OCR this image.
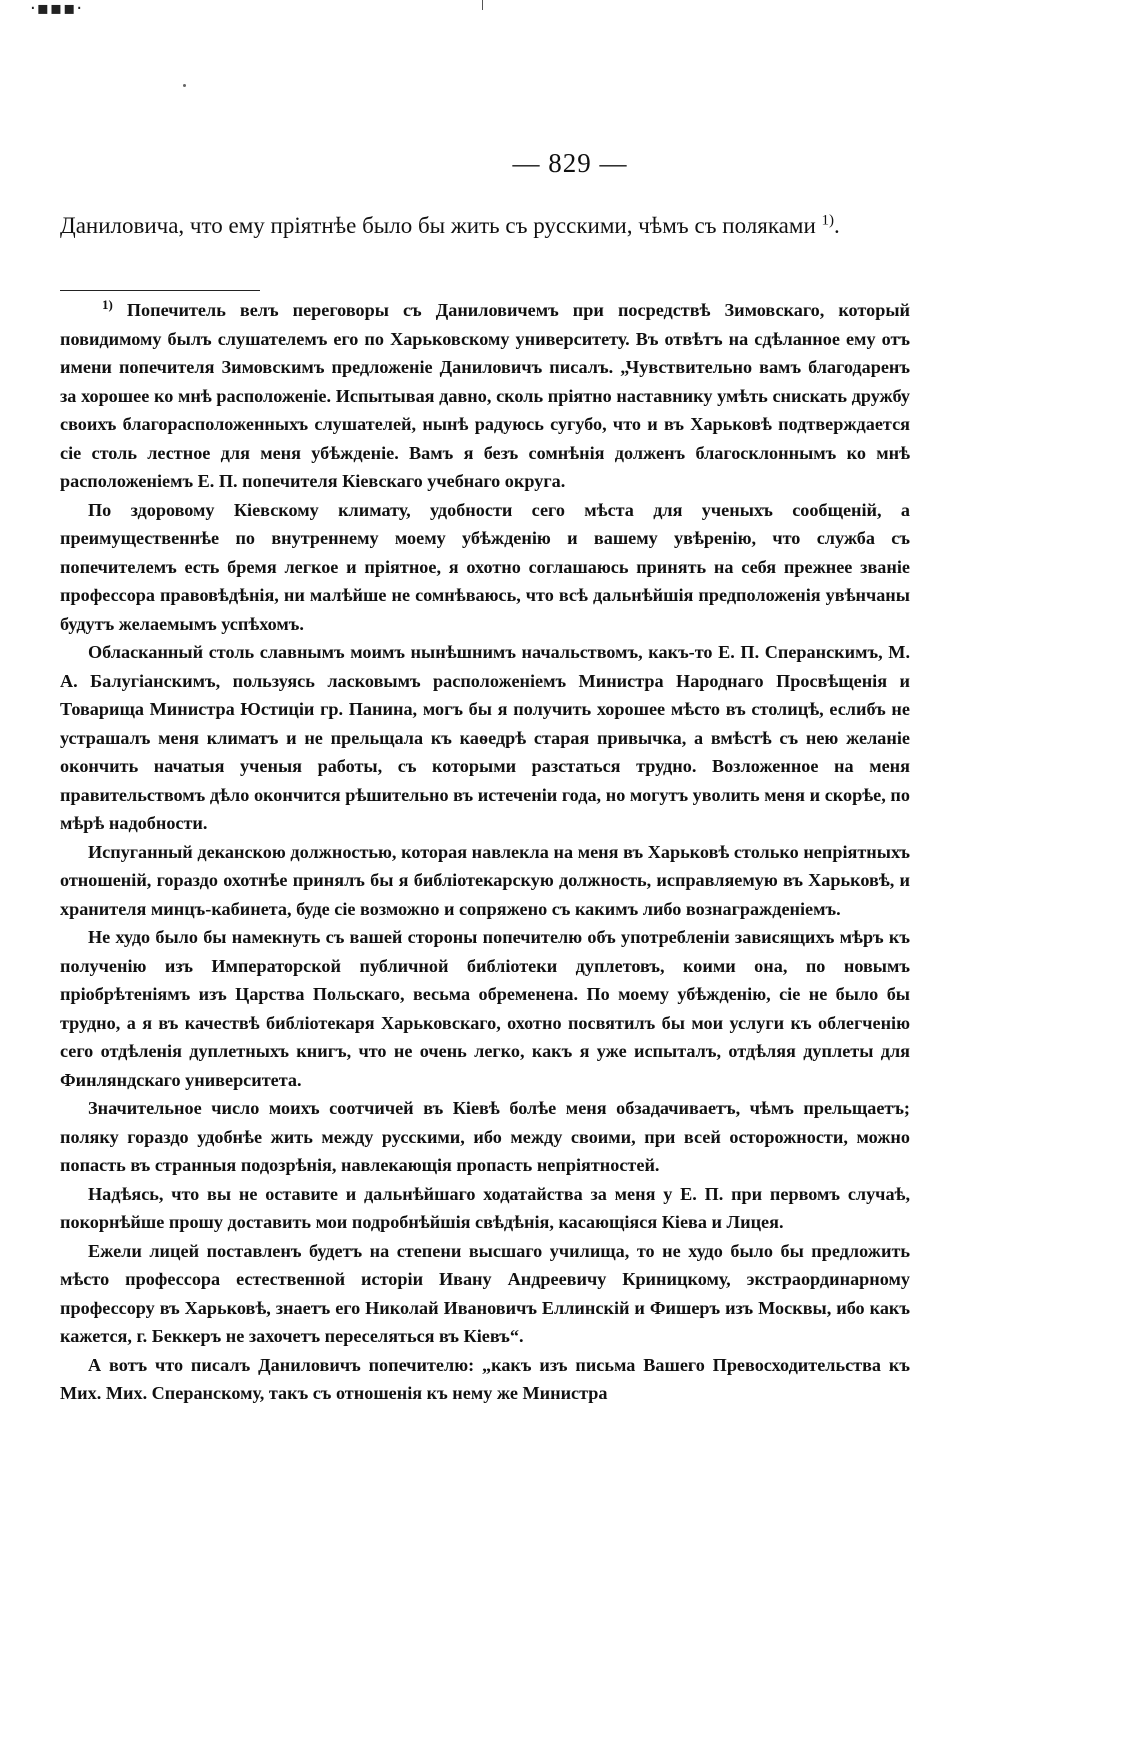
·▪▪▪·
— 829 —

Даниловича, что ему пріятнѣе было бы жить съ русскими, чѣмъ съ поляками $^{1)}$.

$^{1)}$ Попечитель велъ переговоры съ Даниловичемъ при посредствѣ Зимовскаго, который повидимому былъ слушателемъ его по Харьковскому университету. Въ отвѣтъ на сдѣланное ему отъ имени попечителя Зимовскимъ предложеніе Даниловичъ писалъ. „Чувствительно вамъ благодаренъ за хорошее ко мнѣ расположеніе. Испытывая давно, сколь пріятно наставнику умѣть снискать дружбу своихъ благорасположенныхъ слушателей, нынѣ радуюсь сугубо, что и въ Харьковѣ подтверждается сіе столь лестное для меня убѣжденіе. Вамъ я безъ сомнѣнія долженъ благосклоннымъ ко мнѣ расположеніемъ Е. П. попечителя Кіевскаго учебнаго округа.

По здоровому Кіевскому климату, удобности сего мѣста для ученыхъ сообщеній, а преимущественнѣе по внутреннему моему убѣжденію и вашему увѣренію, что служба съ попечителемъ есть бремя легкое и пріятное, я охотно соглашаюсь принять на себя прежнее званіе профессора правовѣдѣнія, ни малѣйше не сомнѣваюсь, что всѣ дальнѣйшія предположенія увѣнчаны будутъ желаемымъ успѣхомъ.

Обласканный столь славнымъ моимъ нынѣшнимъ начальствомъ, какъ-то Е. П. Сперанскимъ, М. А. Балугіанскимъ, пользуясь ласковымъ расположеніемъ Министра Народнаго Просвѣщенія и Товарища Министра Юстиціи гр. Панина, могъ бы я получить хорошее мѣсто въ столицѣ, еслибъ не устрашалъ меня климатъ и не прельщала къ каѳедрѣ старая привычка, а вмѣстѣ съ нею желаніе окончить начатыя ученыя работы, съ которыми разстаться трудно. Возложенное на меня правительствомъ дѣло окончится рѣшительно въ истеченіи года, но могутъ уволить меня и скорѣе, по мѣрѣ надобности.

Испуганный деканскою должностью, которая навлекла на меня въ Харьковѣ столько непріятныхъ отношеній, гораздо охотнѣе принялъ бы я библіотекарскую должность, исправляемую въ Харьковѣ, и хранителя минцъ-кабинета, буде сіе возможно и сопряжено съ какимъ либо вознагражденіемъ.

Не худо было бы намекнуть съ вашей стороны попечителю объ употребленіи зависящихъ мѣръ къ полученію изъ Императорской публичной библіотеки дуплетовъ, коими она, по новымъ пріобрѣтеніямъ изъ Царства Польскаго, весьма обременена. По моему убѣжденію, сіе не было бы трудно, а я въ качествѣ библіотекаря Харьковскаго, охотно посвятилъ бы мои услуги къ облегченію сего отдѣленія дуплетныхъ книгъ, что не очень легко, какъ я уже испыталъ, отдѣляя дуплеты для Финляндскаго университета.

Значительное число моихъ соотчичей въ Кіевѣ болѣе меня обзадачиваетъ, чѣмъ прельщаетъ; поляку гораздо удобнѣе жить между русскими, ибо между своими, при всей осторожности, можно попасть въ странныя подозрѣнія, навлекающія пропасть непріятностей.

Надѣясь, что вы не оставите и дальнѣйшаго ходатайства за меня у Е. П. при первомъ случаѣ, покорнѣйше прошу доставить мои подробнѣйшія свѣдѣнія, касающіяся Кіева и Лицея.

Ежели лицей поставленъ будетъ на степени высшаго училища, то не худо было бы предложить мѣсто профессора естественной исторіи Ивану Андреевичу Криницкому, экстраординарному профессору въ Харьковѣ, знаетъ его Николай Ивановичъ Еллинскій и Фишеръ изъ Москвы, ибо какъ кажется, г. Беккеръ не захочетъ переселяться въ Кіевъ“.

А вотъ что писалъ Даниловичъ попечителю: „какъ изъ письма Вашего Превосходительства къ Мих. Мих. Сперанскому, такъ съ отношенія къ нему же Министра
